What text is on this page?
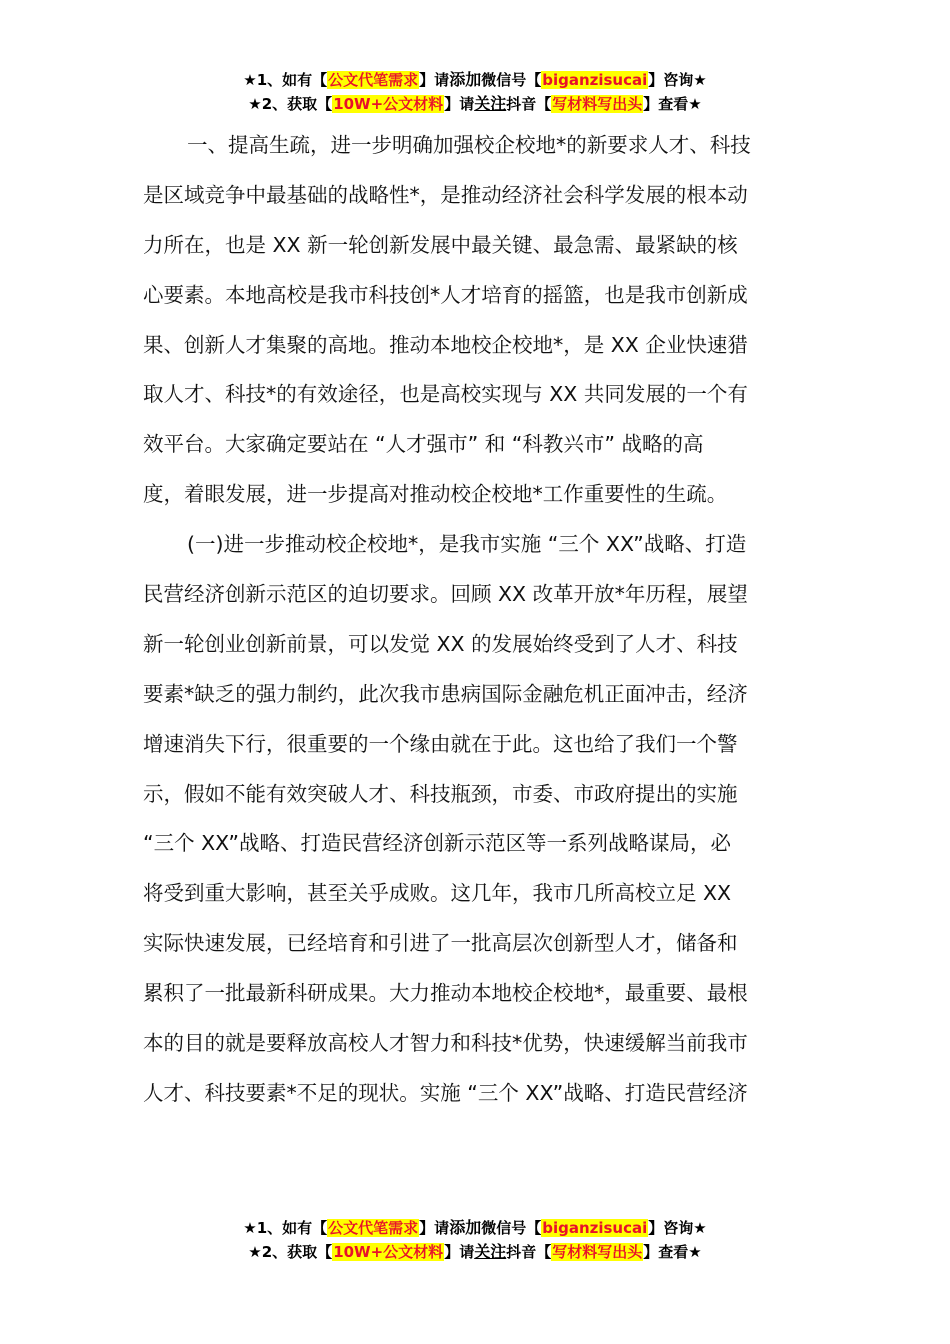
★1、如有【公文代笔需求】请添加微信号【biganzisucai】咨询★
★2、获取【10W+公文材料】请关注抖音【写材料写出头】查看★
一、提高生疏，进一步明确加强校企校地*的新要求人才、科技
是区域竞争中最基础的战略性*，是推动经济社会科学发展的根本动
力所在，也是 XX 新一轮创新发展中最关键、最急需、最紧缺的核
心要素。本地高校是我市科技创*人才培育的摇篮，也是我市创新成
果、创新人才集聚的高地。推动本地校企校地*，是 XX 企业快速猎
取人才、科技*的有效途径，也是高校实现与 XX 共同发展的一个有
效平台。大家确定要站在 “人才强市” 和 “科教兴市” 战略的高
度，着眼发展，进一步提高对推动校企校地*工作重要性的生疏。
(一)进一步推动校企校地*，是我市实施 “三个 XX”战略、打造
民营经济创新示范区的迫切要求。回顾 XX 改革开放*年历程，展望
新一轮创业创新前景，可以发觉 XX 的发展始终受到了人才、科技
要素*缺乏的强力制约，此次我市患病国际金融危机正面冲击，经济
增速消失下行，很重要的一个缘由就在于此。这也给了我们一个警
示，假如不能有效突破人才、科技瓶颈，市委、市政府提出的实施
“三个 XX”战略、打造民营经济创新示范区等一系列战略谋局，必
将受到重大影响，甚至关乎成败。这几年，我市几所高校立足 XX
实际快速发展，已经培育和引进了一批高层次创新型人才，储备和
累积了一批最新科研成果。大力推动本地校企校地*，最重要、最根
本的目的就是要释放高校人才智力和科技*优势，快速缓解当前我市
人才、科技要素*不足的现状。实施 “三个 XX”战略、打造民营经济
★1、如有【公文代笔需求】请添加微信号【biganzisucai】咨询★
★2、获取【10W+公文材料】请关注抖音【写材料写出头】查看★
